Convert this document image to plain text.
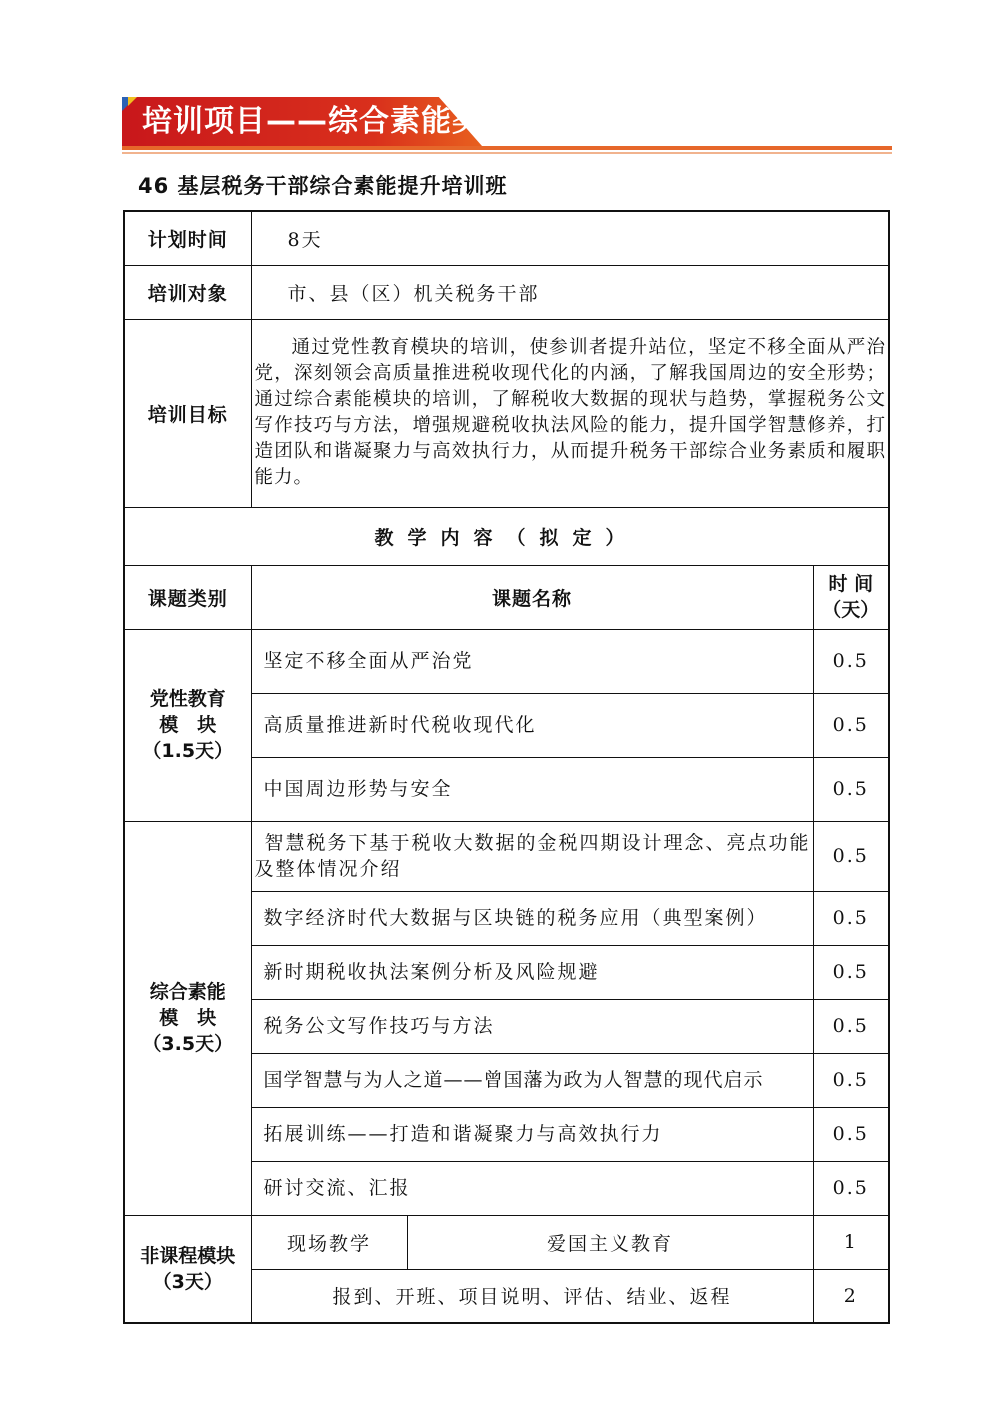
培训项目——综合素能类
46 基层税务干部综合素能提升培训班
计划时间	8天		
培训对象	市、县（区）机关税务干部		
培训目标	通过党性教育模块的培训，使参训者提升站位，坚定不移全面从严治党，深刻领会高质量推进税收现代化的内涵，了解我国周边的安全形势；通过综合素能模块的培训，了解税收大数据的现状与趋势，掌握税务公文写作技巧与方法，增强规避税收执法风险的能力，提升国学智慧修养，打造团队和谐凝聚力与高效执行力，从而提升税务干部综合业务素质和履职能力。		

教学内容（拟定）			
课题类别	课题名称		时 间
（天）

党性教育
模　块
（1.5天）	坚定不移全面从严治党		0.5
	高质量推进新时代税收现代化		0.5
	中国周边形势与安全		0.5

综合素能
模　块
（3.5天）	智慧税务下基于税收大数据的金税四期设计理念、亮点功能及整体情况介绍		0.5
	数字经济时代大数据与区块链的税务应用（典型案例）		0.5
	新时期税收执法案例分析及风险规避		0.5
	税务公文写作技巧与方法		0.5
	国学智慧与为人之道——曾国藩为政为人智慧的现代启示		0.5
	拓展训练——打造和谐凝聚力与高效执行力		0.5
	研讨交流、汇报		0.5

非课程模块
（3天）	现场教学	爱国主义教育	1
	报到、开班、项目说明、评估、结业、返程		2
